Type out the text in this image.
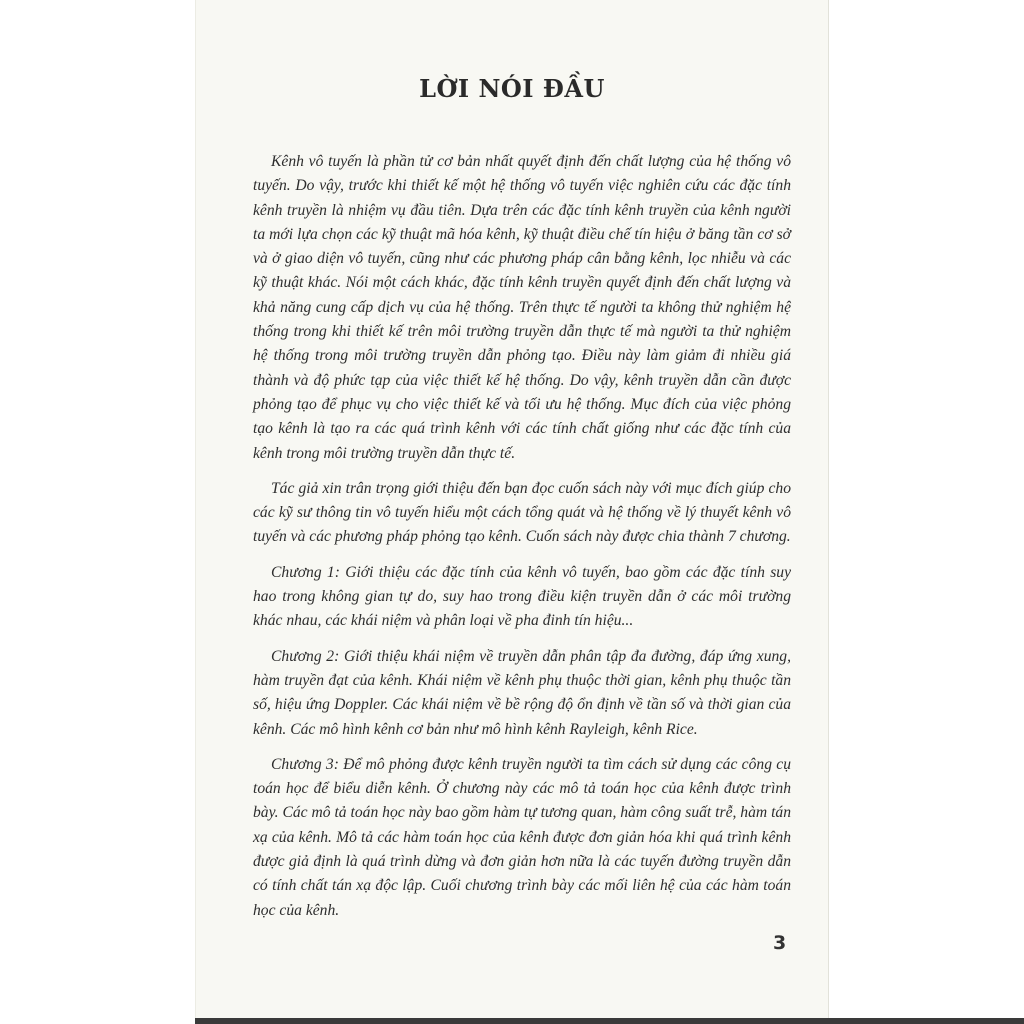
LỜI NÓI ĐẦU

Kênh vô tuyến là phần tử cơ bản nhất quyết định đến chất lượng của hệ thống vô tuyến. Do vậy, trước khi thiết kế một hệ thống vô tuyến việc nghiên cứu các đặc tính kênh truyền là nhiệm vụ đầu tiên. Dựa trên các đặc tính kênh truyền của kênh người ta mới lựa chọn các kỹ thuật mã hóa kênh, kỹ thuật điều chế tín hiệu ở băng tần cơ sở và ở giao diện vô tuyến, cũng như các phương pháp cân bằng kênh, lọc nhiễu và các kỹ thuật khác. Nói một cách khác, đặc tính kênh truyền quyết định đến chất lượng và khả năng cung cấp dịch vụ của hệ thống. Trên thực tế người ta không thử nghiệm hệ thống trong khi thiết kế trên môi trường truyền dẫn thực tế mà người ta thử nghiệm hệ thống trong môi trường truyền dẫn phỏng tạo. Điều này làm giảm đi nhiều giá thành và độ phức tạp của việc thiết kế hệ thống. Do vậy, kênh truyền dẫn cần được phỏng tạo để phục vụ cho việc thiết kế và tối ưu hệ thống. Mục đích của việc phỏng tạo kênh là tạo ra các quá trình kênh với các tính chất giống như các đặc tính của kênh trong môi trường truyền dẫn thực tế.

Tác giả xin trân trọng giới thiệu đến bạn đọc cuốn sách này với mục đích giúp cho các kỹ sư thông tin vô tuyến hiểu một cách tổng quát và hệ thống về lý thuyết kênh vô tuyến và các phương pháp phỏng tạo kênh. Cuốn sách này được chia thành 7 chương.

Chương 1: Giới thiệu các đặc tính của kênh vô tuyến, bao gồm các đặc tính suy hao trong không gian tự do, suy hao trong điều kiện truyền dẫn ở các môi trường khác nhau, các khái niệm và phân loại về pha đinh tín hiệu...

Chương 2: Giới thiệu khái niệm về truyền dẫn phân tập đa đường, đáp ứng xung, hàm truyền đạt của kênh. Khái niệm về kênh phụ thuộc thời gian, kênh phụ thuộc tần số, hiệu ứng Doppler. Các khái niệm về bề rộng độ ổn định về tần số và thời gian của kênh. Các mô hình kênh cơ bản như mô hình kênh Rayleigh, kênh Rice.

Chương 3: Để mô phỏng được kênh truyền người ta tìm cách sử dụng các công cụ toán học để biểu diễn kênh. Ở chương này các mô tả toán học của kênh được trình bày. Các mô tả toán học này bao gồm hàm tự tương quan, hàm công suất trễ, hàm tán xạ của kênh. Mô tả các hàm toán học của kênh được đơn giản hóa khi quá trình kênh được giả định là quá trình dừng và đơn giản hơn nữa là các tuyến đường truyền dẫn có tính chất tán xạ độc lập. Cuối chương trình bày các mối liên hệ của các hàm toán học của kênh.

3
